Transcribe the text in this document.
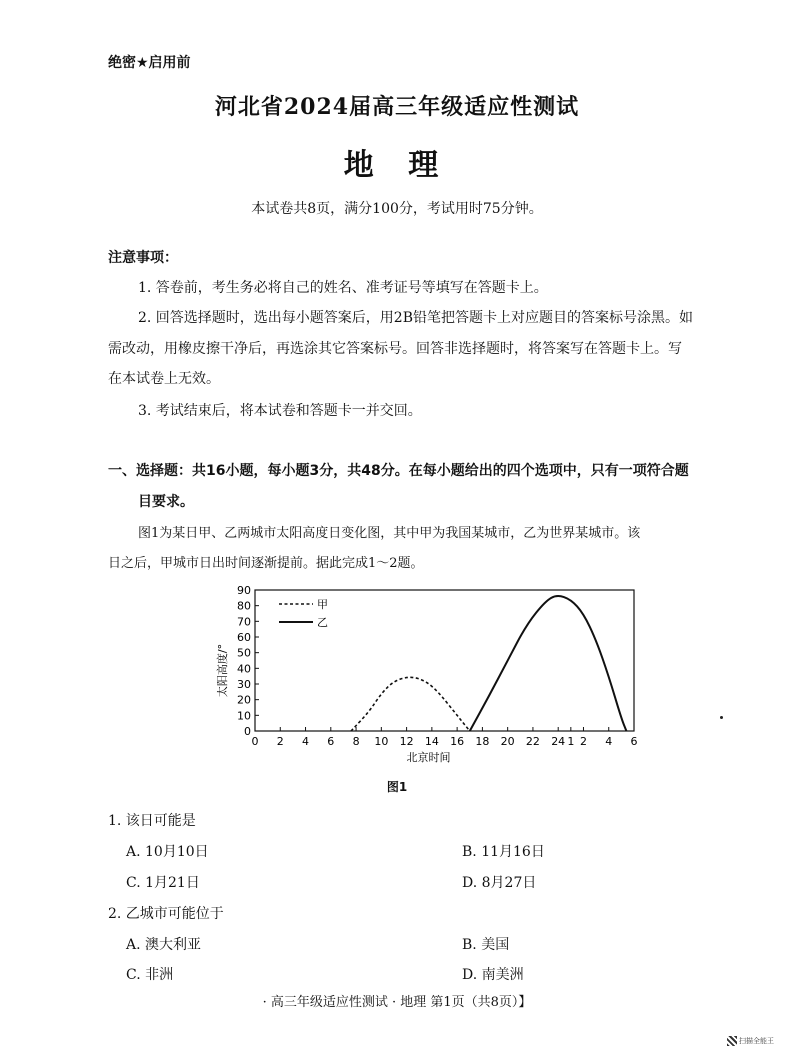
绝密★启用前
河北省2024届高三年级适应性测试
地 理
本试卷共8页，满分100分，考试用时75分钟。
注意事项：
1. 答卷前，考生务必将自己的姓名、准考证号等填写在答题卡上。
2. 回答选择题时，选出每小题答案后，用2B铅笔把答题卡上对应题目的答案标号涂黑。如
需改动，用橡皮擦干净后，再选涂其它答案标号。回答非选择题时，将答案写在答题卡上。写
在本试卷上无效。
3. 考试结束后，将本试卷和答题卡一并交回。
一、选择题：共16小题，每小题3分，共48分。在每小题给出的四个选项中，只有一项符合题
目要求。
图1为某日甲、乙两城市太阳高度日变化图，其中甲为我国某城市，乙为世界某城市。该
日之后，甲城市日出时间逐渐提前。据此完成1～2题。
0
10
20
30
40
50
60
70
80
90
0 2 4 6 8 10 12 14 16 18 20 22 24 1 2 4 6
北京时间
太阳高度/°
甲
乙
图1
1. 该日可能是
A. 10月10日	B. 11月16日
C. 1月21日	D. 8月27日
2. 乙城市可能位于
A. 澳大利亚	B. 美国
C. 非洲	D. 南美洲
· 高三年级适应性测试 · 地理 第1页（共8页）】
扫描全能王
